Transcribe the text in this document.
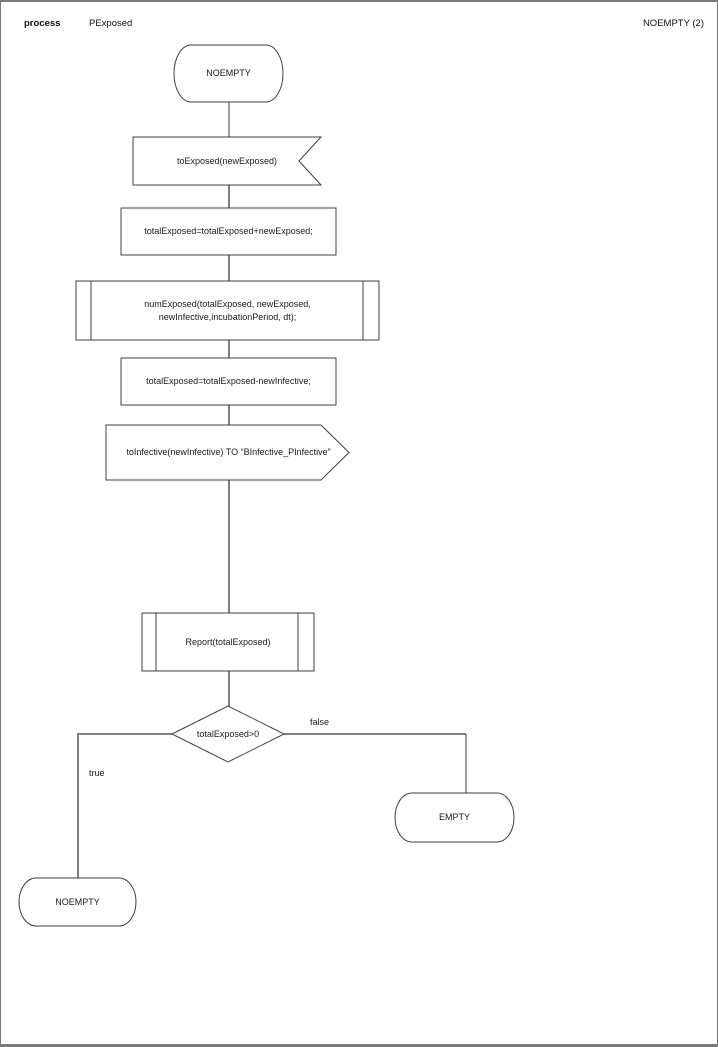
process	PExposed	NOEMPTY (2)
NOEMPTY
toExposed(newExposed)
totalExposed=totalExposed+newExposed;
numExposed(totalExposed, newExposed,
newInfective,incubationPeriod, dt);
totalExposed=totalExposed-newInfective;
toInfective(newInfective) TO “BInfective_PInfective”
Report(totalExposed)
totalExposed>0
true
false
EMPTY
NOEMPTY
